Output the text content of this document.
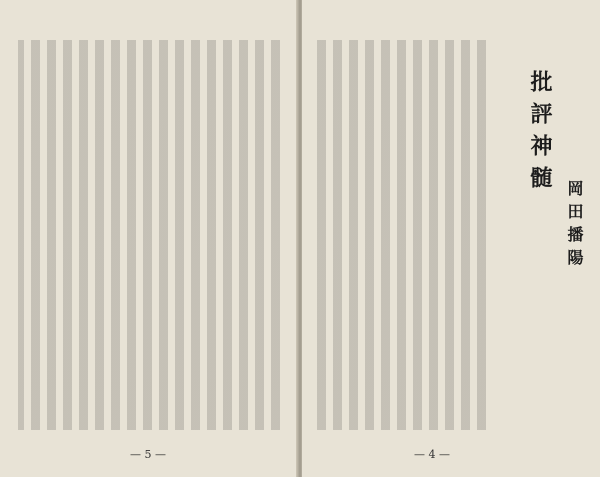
— 5 —
批評神髄
岡田播陽
— 4 —
